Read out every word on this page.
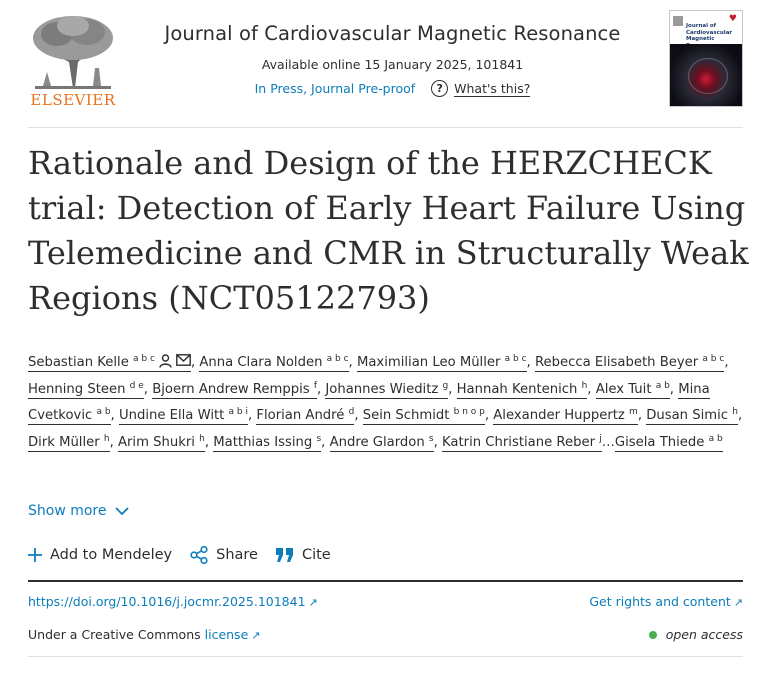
ELSEVIER
Journal of Cardiovascular Magnetic Resonance
Available online 15 January 2025, 101841
In Press, Journal Pre-proof	? What's this?
♥
Journal of Cardiovascular Magnetic
Rationale and Design of the HERZCHECK trial: Detection of Early Heart Failure Using Telemedicine and CMR in Structurally Weak Regions (NCT05122793)
Sebastian Kelle $^{a b c}$	, Anna Clara Nolden $^{a b c}$, Maximilian Leo Müller $^{a b c}$, Rebecca Elisabeth Beyer $^{a b c}$, Henning Steen $^{d e}$, Bjoern Andrew Remppis $^f$, Johannes Wieditz $^g$, Hannah Kentenich $^h$, Alex Tuit $^{a b}$, Mina Cvetkovic $^{a b}$, Undine Ella Witt $^{a b i}$, Florian André $^d$, Sein Schmidt $^{b n o p}$, Alexander Huppertz $^m$, Dusan Simic $^h$, Dirk Müller $^h$, Arim Shukri $^h$, Matthias Issing $^s$, Andre Glardon $^s$, Katrin Christiane Reber $^j$…Gisela Thiede $^{a b}$
Show more
Add to Mendeley	Share	Cite
https://doi.org/10.1016/j.jocmr.2025.101841 ↗	Get rights and content ↗
Under a Creative Commons license ↗	open access
